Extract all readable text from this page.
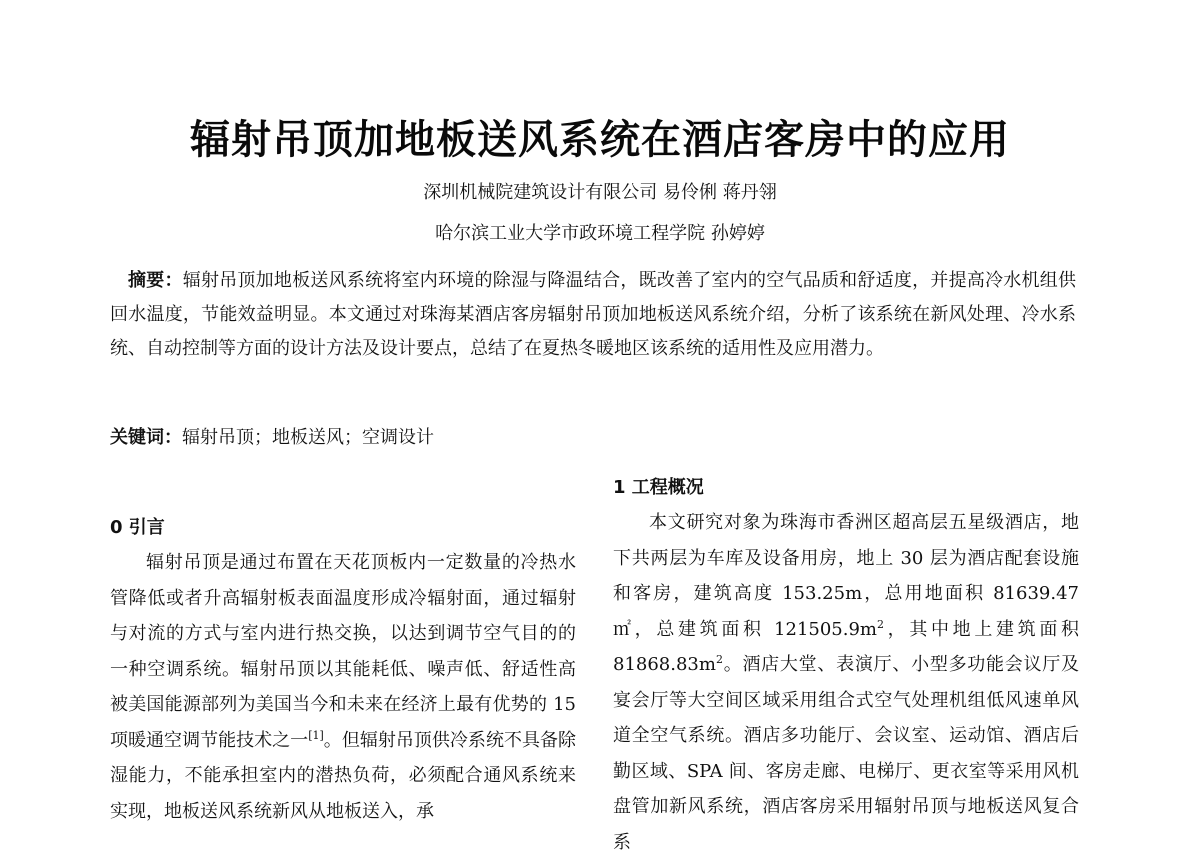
辐射吊顶加地板送风系统在酒店客房中的应用
深圳机械院建筑设计有限公司 易伶俐 蒋丹翎
哈尔滨工业大学市政环境工程学院 孙婷婷
摘要：辐射吊顶加地板送风系统将室内环境的除湿与降温结合，既改善了室内的空气品质和舒适度，并提高冷水机组供回水温度，节能效益明显。本文通过对珠海某酒店客房辐射吊顶加地板送风系统介绍，分析了该系统在新风处理、冷水系统、自动控制等方面的设计方法及设计要点，总结了在夏热冬暖地区该系统的适用性及应用潜力。
关键词：辐射吊顶；地板送风；空调设计

0 引言

辐射吊顶是通过布置在天花顶板内一定数量的冷热水管降低或者升高辐射板表面温度形成冷辐射面，通过辐射与对流的方式与室内进行热交换，以达到调节空气目的的一种空调系统。辐射吊顶以其能耗低、噪声低、舒适性高被美国能源部列为美国当今和未来在经济上最有优势的 15 项暖通空调节能技术之一[1]。但辐射吊顶供冷系统不具备除湿能力，不能承担室内的潜热负荷，必须配合通风系统来实现，地板送风系统新风从地板送入，承

1 工程概况

本文研究对象为珠海市香洲区超高层五星级酒店，地下共两层为车库及设备用房，地上 30 层为酒店配套设施和客房，建筑高度 153.25m，总用地面积 81639.47 ㎡，总建筑面积 $121505.9m^2$，其中地上建筑面积 $81868.83m^2$。酒店大堂、表演厅、小型多功能会议厅及宴会厅等大空间区域采用组合式空气处理机组低风速单风道全空气系统。酒店多功能厅、会议室、运动馆、酒店后勤区域、SPA 间、客房走廊、电梯厅、更衣室等采用风机盘管加新风系统，酒店客房采用辐射吊顶与地板送风复合系
